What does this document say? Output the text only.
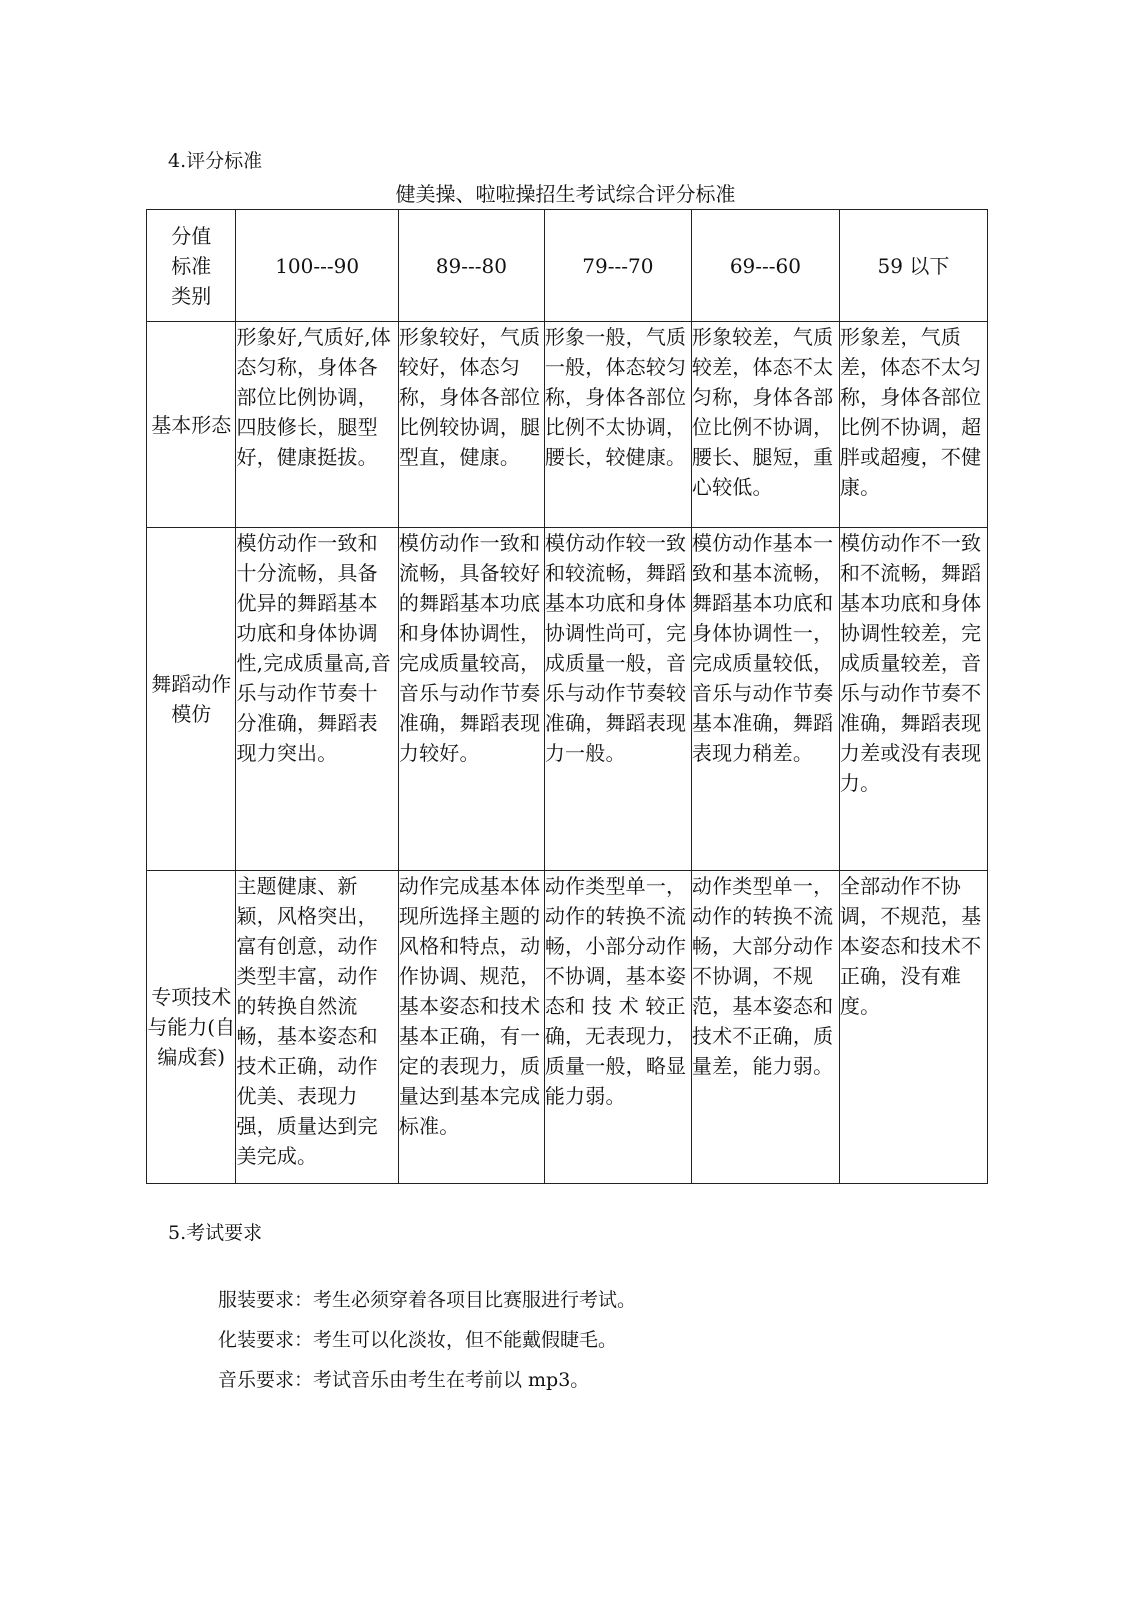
4.评分标准
健美操、啦啦操招生考试综合评分标准
分值
标准
类别	100---90	89---80	79---70	69---60	59 以下
基本形态	形象好,气质好,体态匀称，身体各 部位比例协调，四肢修长，腿型好，健康挺拔。	形象较好，气质较好，体态匀称，身体各部位比例较协调，腿型直，健康。	形象一般，气质一般，体态较匀称，身体各部位比例不太协调，腰长，较健康。	形象较差，气质较差，体态不太匀称，身体各部位比例不协调，腰长、腿短，重心较低。	形象差，气质差，体态不太匀称，身体各部位比例不协调，超胖或超瘦，不健康。
舞蹈动作模仿	模仿动作一致和十分流畅，具备优异的舞蹈基本功底和身体协调性,完成质量高,音乐与动作节奏十分准确，舞蹈表现力突出。	模仿动作一致和流畅，具备较好的舞蹈基本功底和身体协调性，完成质量较高，音乐与动作节奏准确，舞蹈表现力较好。	模仿动作较一致和较流畅，舞蹈基本功底和身体协调性尚可，完成质量一般，音乐与动作节奏较准确，舞蹈表现力一般。	模仿动作基本一致和基本流畅，舞蹈基本功底和身体协调性一，完成质量较低，音乐与动作节奏基本准确，舞蹈表现力稍差。	模仿动作不一致和不流畅，舞蹈基本功底和身体协调性较差，完成质量较差，音乐与动作节奏不准确，舞蹈表现力差或没有表现力。
专项技术与能力(自编成套)	主题健康、新颖，风格突出，富有创意，动作类型丰富，动作的转换自然流畅，基本姿态和技术正确，动作优美、表现力强，质量达到完美完成。	动作完成基本体现所选择主题的风格和特点，动作协调、规范，基本姿态和技术基本正确，有一定的表现力，质量达到基本完成标准。	动作类型单一，动作的转换不流畅，小部分动作不协调，基本姿态和 技 术 较正确，无表现力，质量一般，略显能力弱。	动作类型单一，动作的转换不流畅，大部分动作不协调，不规范，基本姿态和技术不正确，质量差，能力弱。	全部动作不协调，不规范，基本姿态和技术不正确，没有难度。
5.考试要求
服装要求：考生必须穿着各项目比赛服进行考试。
化装要求：考生可以化淡妆，但不能戴假睫毛。
音乐要求：考试音乐由考生在考前以 mp3。
